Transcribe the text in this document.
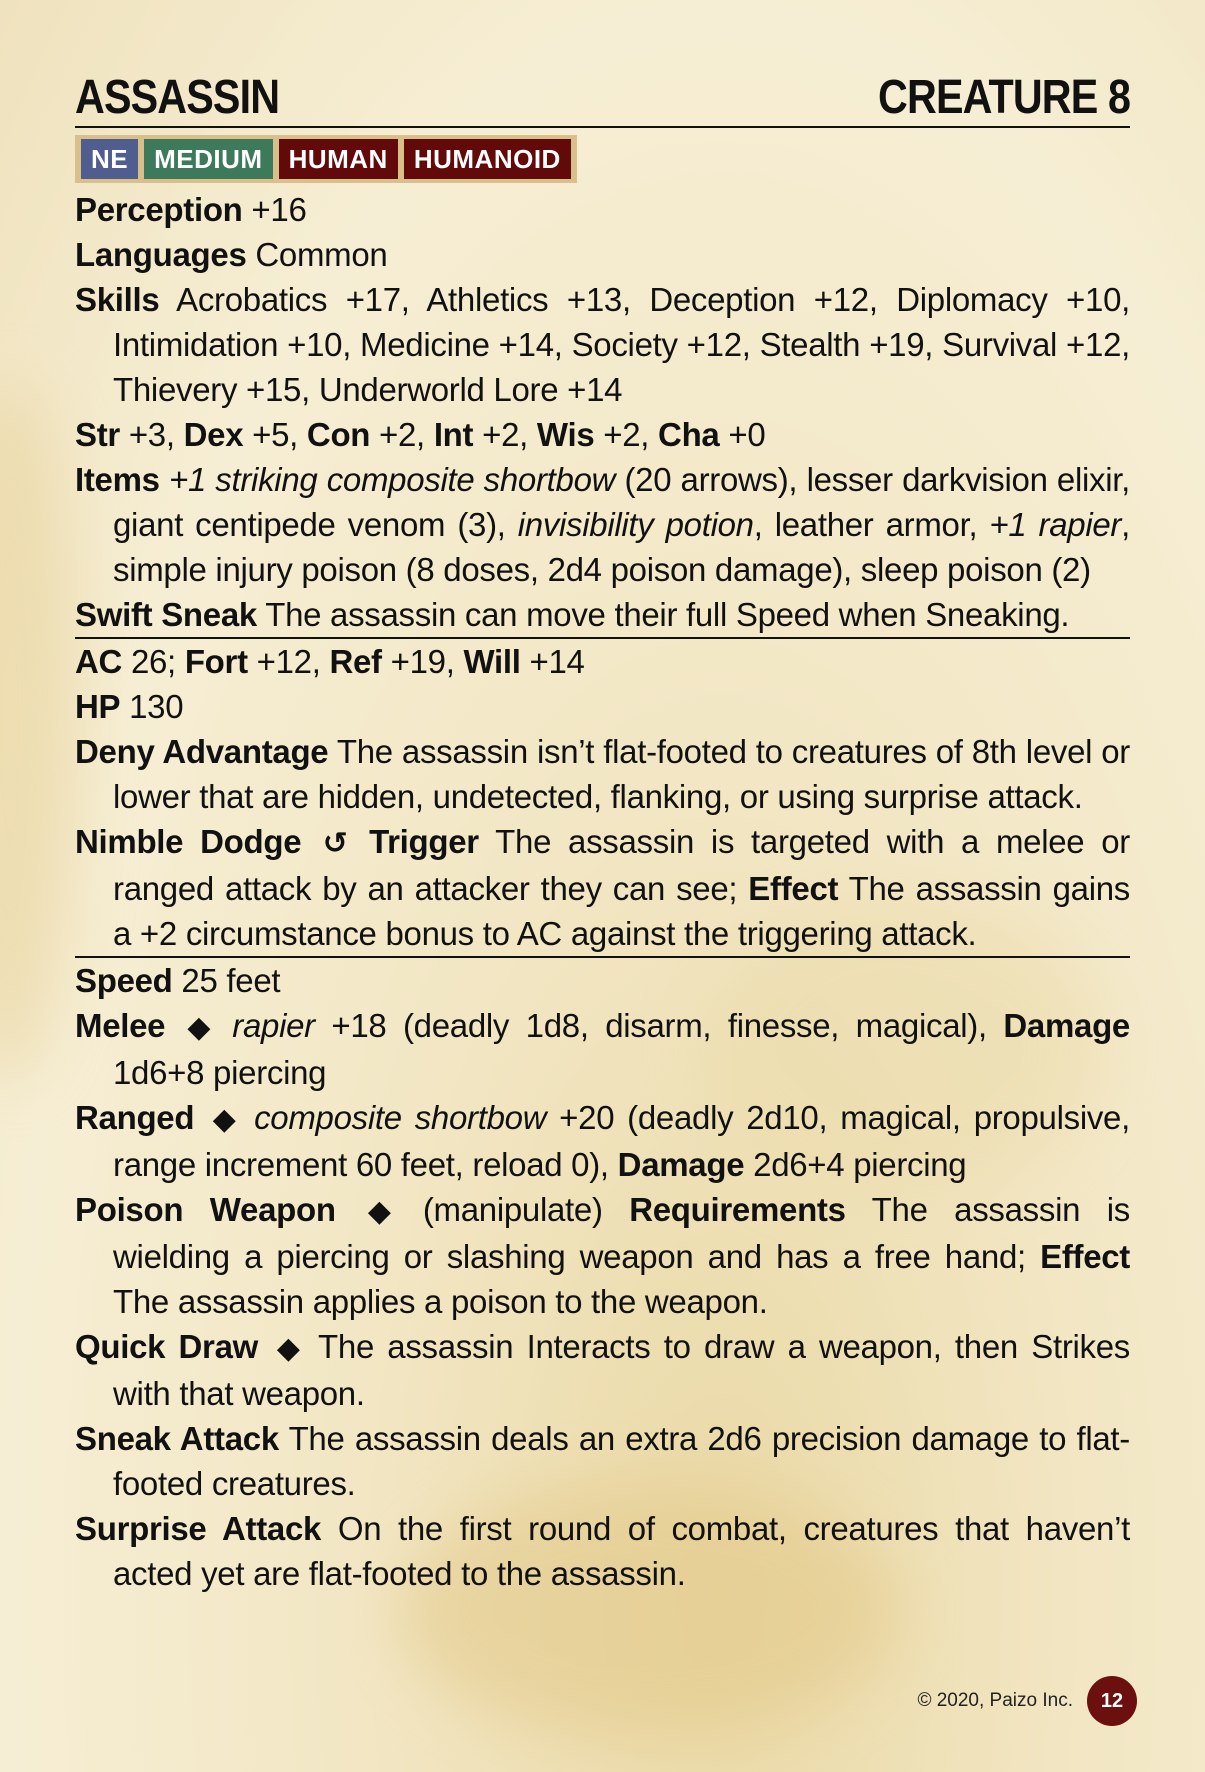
ASSASSIN	CREATURE 8
NE	MEDIUM	HUMAN	HUMANOID
Perception +16
Languages Common
Skills Acrobatics +17, Athletics +13, Deception +12, Diplomacy +10, Intimidation +10, Medicine +14, Society +12, Stealth +19, Survival +12, Thievery +15, Underworld Lore +14
Str +3, Dex +5, Con +2, Int +2, Wis +2, Cha +0
Items +1 striking composite shortbow (20 arrows), lesser darkvision elixir, giant centipede venom (3), invisibility potion, leather armor, +1 rapier, simple injury poison (8 doses, 2d4 poison damage), sleep poison (2)
Swift Sneak The assassin can move their full Speed when Sneaking.
AC 26; Fort +12, Ref +19, Will +14
HP 130
Deny Advantage The assassin isn’t flat-footed to creatures of 8th level or lower that are hidden, undetected, flanking, or using surprise attack.
Nimble Dodge ↺ Trigger The assassin is targeted with a melee or ranged attack by an attacker they can see; Effect The assassin gains a +2 circumstance bonus to AC against the triggering attack.
Speed 25 feet
Melee ◆ rapier +18 (deadly 1d8, disarm, finesse, magical), Damage 1d6+8 piercing
Ranged ◆ composite shortbow +20 (deadly 2d10, magical, propulsive, range increment 60 feet, reload 0), Damage 2d6+4 piercing
Poison Weapon ◆ (manipulate) Requirements The assassin is wielding a piercing or slashing weapon and has a free hand; Effect The assassin applies a poison to the weapon.
Quick Draw ◆ The assassin Interacts to draw a weapon, then Strikes with that weapon.
Sneak Attack The assassin deals an extra 2d6 precision damage to flat-footed creatures.
Surprise Attack On the first round of combat, creatures that haven’t acted yet are flat-footed to the assassin.
© 2020, Paizo Inc.	12
